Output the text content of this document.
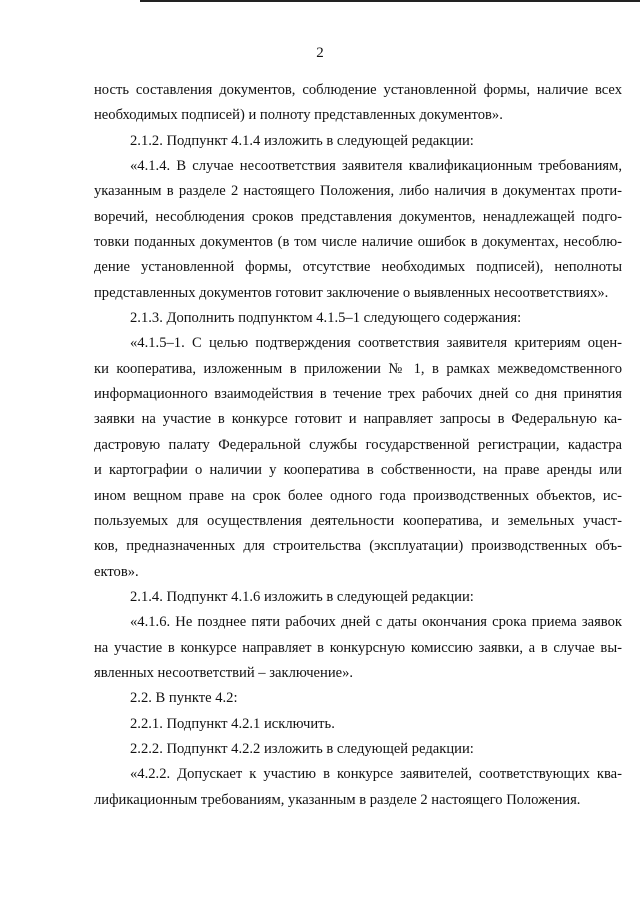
2
ность составления документов, соблюдение установленной формы, наличие всех
необходимых подписей) и полноту представленных документов».
2.1.2. Подпункт 4.1.4 изложить в следующей редакции:
«4.1.4. В случае несоответствия заявителя квалификационным требованиям,
указанным в разделе 2 настоящего Положения, либо наличия в документах проти-
воречий, несоблюдения сроков представления документов, ненадлежащей подго-
товки поданных документов (в том числе наличие ошибок в документах, несоблю-
дение установленной формы, отсутствие необходимых подписей), неполноты
представленных документов готовит заключение о выявленных несоответствиях».
2.1.3. Дополнить подпунктом 4.1.5–1 следующего содержания:
«4.1.5–1. С целью подтверждения соответствия заявителя критериям оцен-
ки кооператива, изложенным в приложении № 1, в рамках межведомственного
информационного взаимодействия в течение трех рабочих дней со дня принятия
заявки на участие в конкурсе готовит и направляет запросы в Федеральную ка-
дастровую палату Федеральной службы государственной регистрации, кадастра
и картографии о наличии у кооператива в собственности, на праве аренды или
ином вещном праве на срок более одного года производственных объектов, ис-
пользуемых для осуществления деятельности кооператива, и земельных участ-
ков, предназначенных для строительства (эксплуатации) производственных объ-
ектов».
2.1.4. Подпункт 4.1.6 изложить в следующей редакции:
«4.1.6. Не позднее пяти рабочих дней с даты окончания срока приема заявок
на участие в конкурсе направляет в конкурсную комиссию заявки, а в случае вы-
явленных несоответствий – заключение».
2.2. В пункте 4.2:
2.2.1. Подпункт 4.2.1 исключить.
2.2.2. Подпункт 4.2.2 изложить в следующей редакции:
«4.2.2. Допускает к участию в конкурсе заявителей, соответствующих ква-
лификационным требованиям, указанным в разделе 2 настоящего Положения.
